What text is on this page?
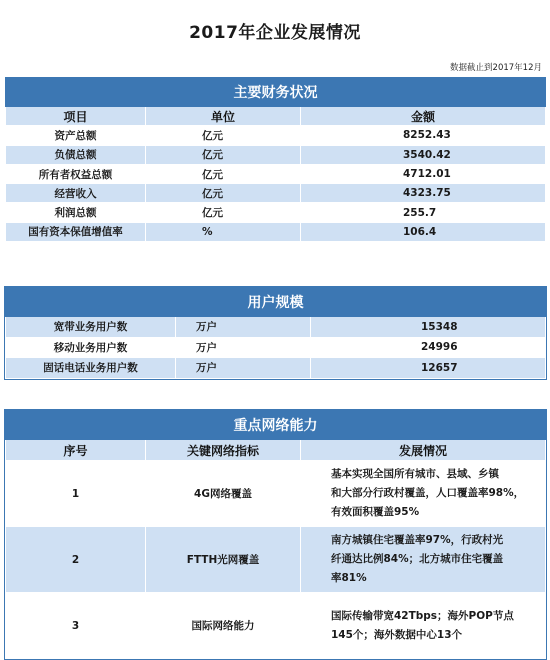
2017年企业发展情况
数据截止到2017年12月
主要财务状况		
项目	单位	金额
资产总额	亿元	8252.43
负债总额	亿元	3540.42
所有者权益总额	亿元	4712.01
经营收入	亿元	4323.75
利润总额	亿元	255.7
国有资本保值增值率	%	106.4
用户规模		
宽带业务用户数	万户	15348
移动业务用户数	万户	24996
固话电话业务用户数	万户	12657
重点网络能力		
序号	关键网络指标	发展情况
1	4G网络覆盖	基本实现全国所有城市、县域、乡镇
和大部分行政村覆盖，人口覆盖率98%，
有效面积覆盖95%

2	FTTH光网覆盖	南方城镇住宅覆盖率97%，行政村光
纤通达比例84%；北方城市住宅覆盖
率81%

3	国际网络能力	国际传输带宽42Tbps；海外POP节点
145个；海外数据中心13个
